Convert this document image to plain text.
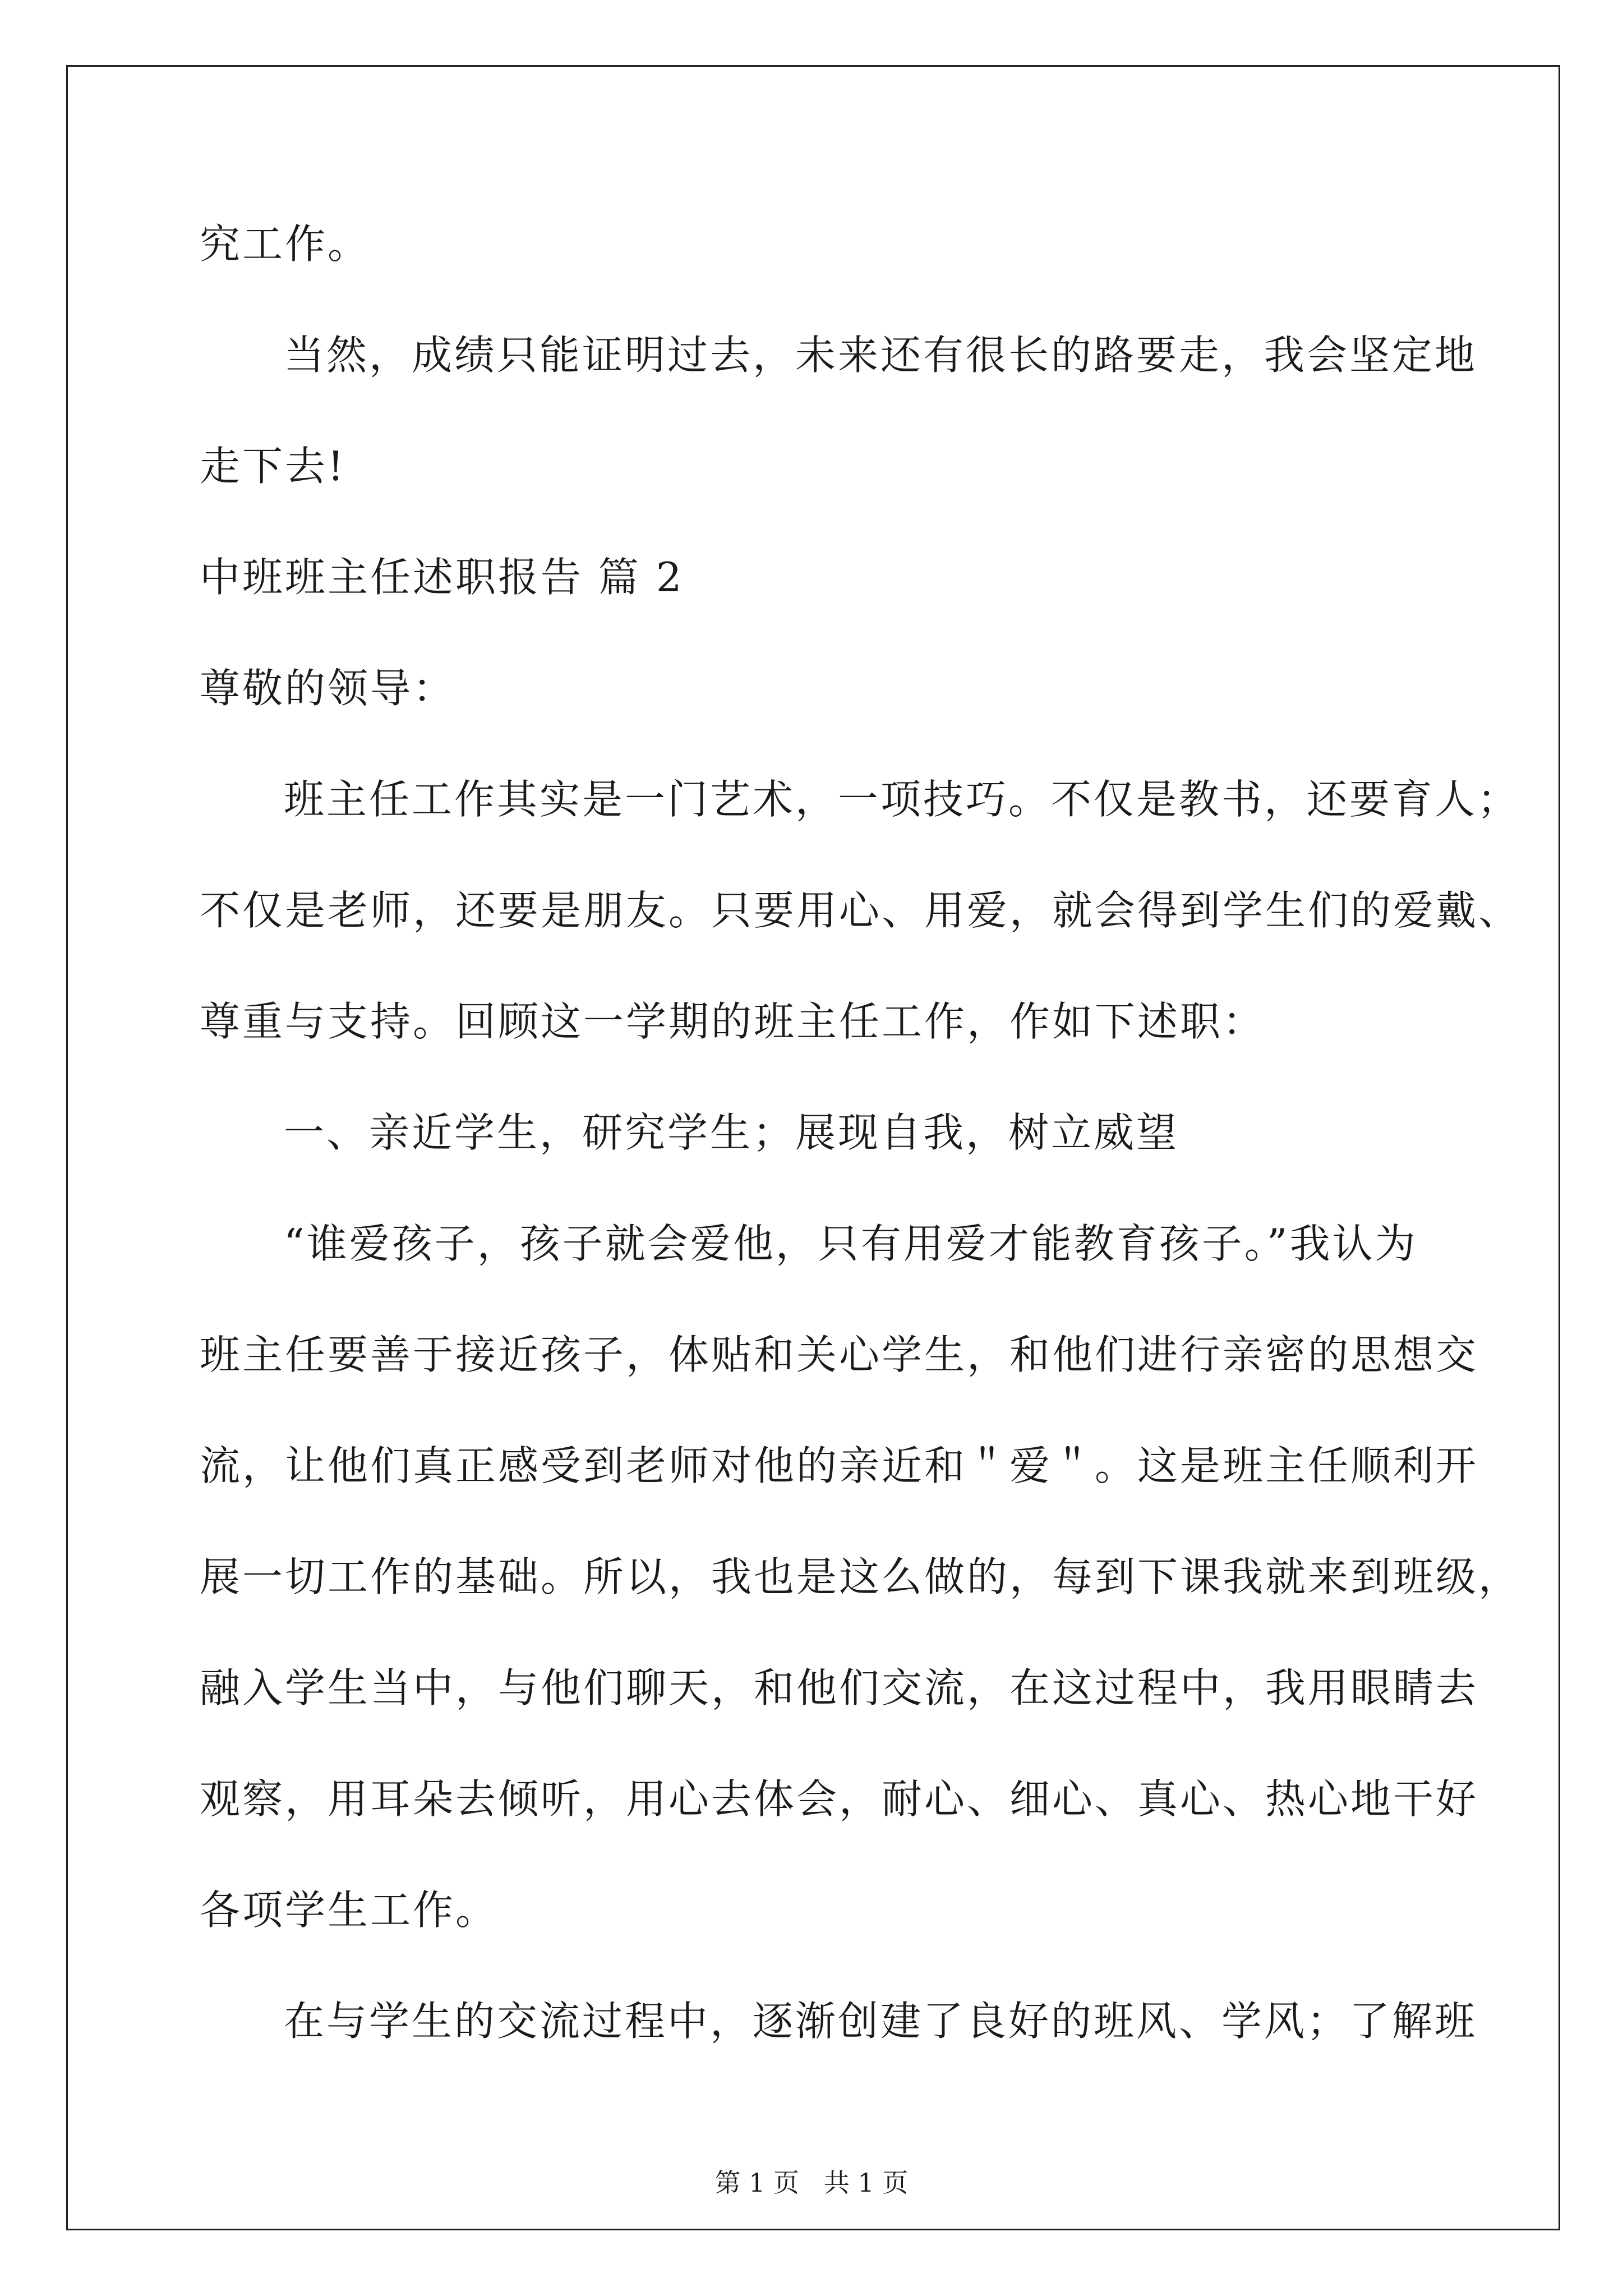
究工作。
当然，成绩只能证明过去，未来还有很长的路要走，我会坚定地
走下去!
中班班主任述职报告 篇 2
尊敬的领导：
班主任工作其实是一门艺术，一项技巧。不仅是教书，还要育人；
不仅是老师，还要是朋友。只要用心、用爱，就会得到学生们的爱戴、
尊重与支持。回顾这一学期的班主任工作，作如下述职：
一、亲近学生，研究学生；展现自我，树立威望
“谁爱孩子，孩子就会爱他，只有用爱才能教育孩子。”我认为
班主任要善于接近孩子，体贴和关心学生，和他们进行亲密的思想交
流，让他们真正感受到老师对他的亲近和＂爱＂。这是班主任顺利开
展一切工作的基础。所以，我也是这么做的，每到下课我就来到班级，
融入学生当中，与他们聊天，和他们交流，在这过程中，我用眼睛去
观察，用耳朵去倾听，用心去体会，耐心、细心、真心、热心地干好
各项学生工作。
在与学生的交流过程中，逐渐创建了良好的班风、学风；了解班
第 1 页   共 1 页
